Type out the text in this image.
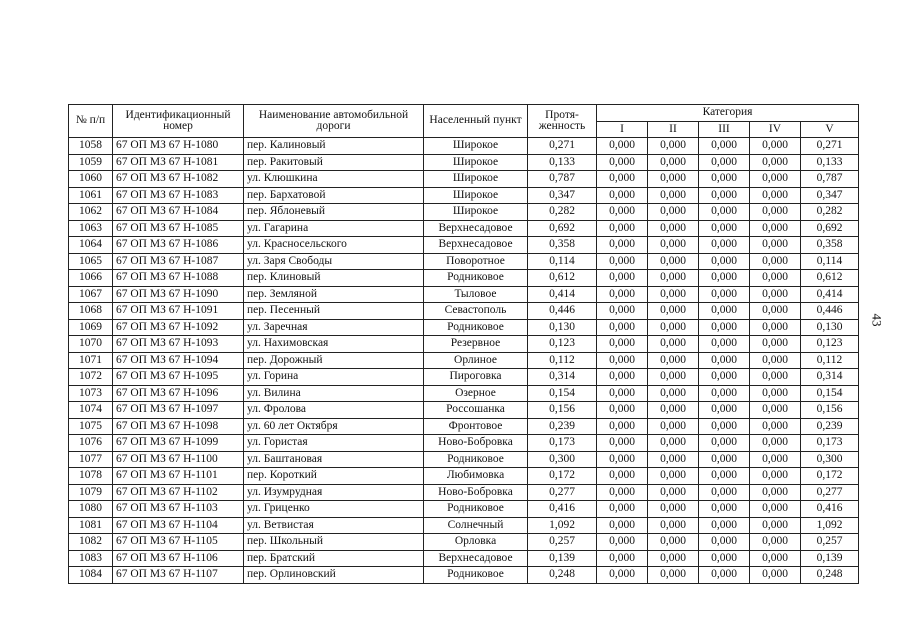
№ п/п	Идентификационный номер	Наименование автомобильной дороги	Населенный пункт	Протя-женность	Категория				
					I	II	III	IV	V
1058	67 ОП МЗ 67 Н-1080	пер. Калиновый	Широкое	0,271	0,000	0,000	0,000	0,000	0,271
1059	67 ОП МЗ 67 Н-1081	пер. Ракитовый	Широкое	0,133	0,000	0,000	0,000	0,000	0,133
1060	67 ОП МЗ 67 Н-1082	ул. Клюшкина	Широкое	0,787	0,000	0,000	0,000	0,000	0,787
1061	67 ОП МЗ 67 Н-1083	пер. Бархатовой	Широкое	0,347	0,000	0,000	0,000	0,000	0,347
1062	67 ОП МЗ 67 Н-1084	пер. Яблоневый	Широкое	0,282	0,000	0,000	0,000	0,000	0,282
1063	67 ОП МЗ 67 Н-1085	ул. Гагарина	Верхнесадовое	0,692	0,000	0,000	0,000	0,000	0,692
1064	67 ОП МЗ 67 Н-1086	ул. Красносельского	Верхнесадовое	0,358	0,000	0,000	0,000	0,000	0,358
1065	67 ОП МЗ 67 Н-1087	ул. Заря Свободы	Поворотное	0,114	0,000	0,000	0,000	0,000	0,114
1066	67 ОП МЗ 67 Н-1088	пер. Клиновый	Родниковое	0,612	0,000	0,000	0,000	0,000	0,612
1067	67 ОП МЗ 67 Н-1090	пер. Земляной	Тыловое	0,414	0,000	0,000	0,000	0,000	0,414
1068	67 ОП МЗ 67 Н-1091	пер. Песенный	Севастополь	0,446	0,000	0,000	0,000	0,000	0,446
1069	67 ОП МЗ 67 Н-1092	ул. Заречная	Родниковое	0,130	0,000	0,000	0,000	0,000	0,130
1070	67 ОП МЗ 67 Н-1093	ул. Нахимовская	Резервное	0,123	0,000	0,000	0,000	0,000	0,123
1071	67 ОП МЗ 67 Н-1094	пер. Дорожный	Орлиное	0,112	0,000	0,000	0,000	0,000	0,112
1072	67 ОП МЗ 67 Н-1095	ул. Горина	Пироговка	0,314	0,000	0,000	0,000	0,000	0,314
1073	67 ОП МЗ 67 Н-1096	ул. Вилина	Озерное	0,154	0,000	0,000	0,000	0,000	0,154
1074	67 ОП МЗ 67 Н-1097	ул. Фролова	Россошанка	0,156	0,000	0,000	0,000	0,000	0,156
1075	67 ОП МЗ 67 Н-1098	ул. 60 лет Октября	Фронтовое	0,239	0,000	0,000	0,000	0,000	0,239
1076	67 ОП МЗ 67 Н-1099	ул. Гористая	Ново-Бобровка	0,173	0,000	0,000	0,000	0,000	0,173
1077	67 ОП МЗ 67 Н-1100	ул. Баштановая	Родниковое	0,300	0,000	0,000	0,000	0,000	0,300
1078	67 ОП МЗ 67 Н-1101	пер. Короткий	Любимовка	0,172	0,000	0,000	0,000	0,000	0,172
1079	67 ОП МЗ 67 Н-1102	ул. Изумрудная	Ново-Бобровка	0,277	0,000	0,000	0,000	0,000	0,277
1080	67 ОП МЗ 67 Н-1103	ул. Гриценко	Родниковое	0,416	0,000	0,000	0,000	0,000	0,416
1081	67 ОП МЗ 67 Н-1104	ул. Ветвистая	Солнечный	1,092	0,000	0,000	0,000	0,000	1,092
1082	67 ОП МЗ 67 Н-1105	пер. Школьный	Орловка	0,257	0,000	0,000	0,000	0,000	0,257
1083	67 ОП МЗ 67 Н-1106	пер. Братский	Верхнесадовое	0,139	0,000	0,000	0,000	0,000	0,139
1084	67 ОП МЗ 67 Н-1107	пер. Орлиновский	Родниковое	0,248	0,000	0,000	0,000	0,000	0,248
43
